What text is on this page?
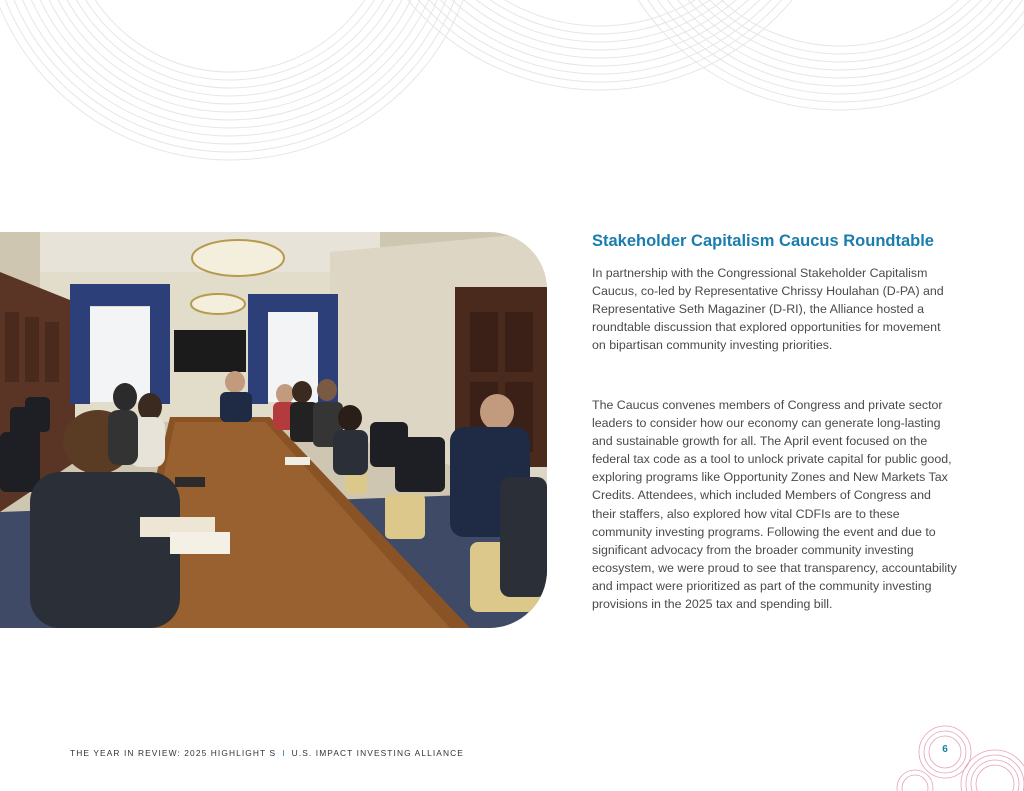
Stakeholder Capitalism Caucus Roundtable

In partnership with the Congressional Stakeholder Capitalism Caucus, co-led by Representative Chrissy Houlahan (D-PA) and Representative Seth Magaziner (D-RI), the Alliance hosted a roundtable discussion that explored opportunities for movement on bipartisan community investing priorities.

The Caucus convenes members of Congress and private sector leaders to consider how our economy can generate long-lasting and sustainable growth for all. The April event focused on the federal tax code as a tool to unlock private capital for public good, exploring programs like Opportunity Zones and New Markets Tax Credits. Attendees, which included Members of Congress and their staffers, also explored how vital CDFIs are to these community investing programs. Following the event and due to significant advocacy from the broader community investing ecosystem, we were proud to see that transparency, accountability and impact were prioritized as part of the community investing provisions in the 2025 tax and spending bill.

THE YEAR IN REVIEW: 2025 HIGHLIGHT S I U.S. IMPACT INVESTING ALLIANCE	6
